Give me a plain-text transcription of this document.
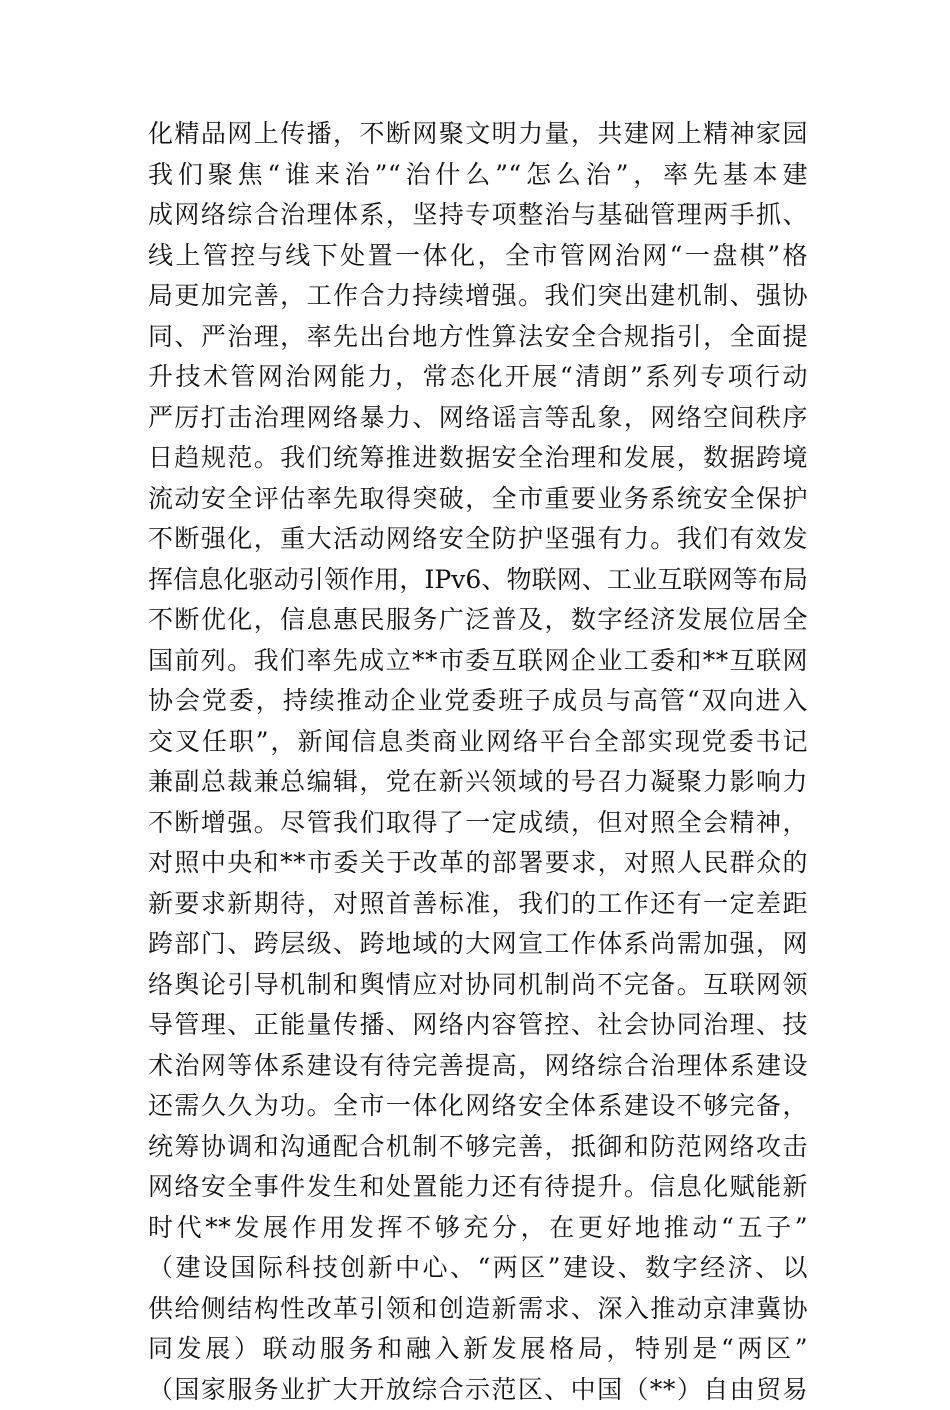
化精品网上传播，不断网聚文明力量，共建网上精神家园
我们聚焦“谁来治”“治什么”“怎么治”，率先基本建
成网络综合治理体系，坚持专项整治与基础管理两手抓、
线上管控与线下处置一体化，全市管网治网“一盘棋”格
局更加完善，工作合力持续增强。我们突出建机制、强协
同、严治理，率先出台地方性算法安全合规指引，全面提
升技术管网治网能力，常态化开展“清朗”系列专项行动
严厉打击治理网络暴力、网络谣言等乱象，网络空间秩序
日趋规范。我们统筹推进数据安全治理和发展，数据跨境
流动安全评估率先取得突破，全市重要业务系统安全保护
不断强化，重大活动网络安全防护坚强有力。我们有效发
挥信息化驱动引领作用，IPv6、物联网、工业互联网等布局
不断优化，信息惠民服务广泛普及，数字经济发展位居全
国前列。我们率先成立**市委互联网企业工委和**互联网
协会党委，持续推动企业党委班子成员与高管“双向进入
交叉任职”，新闻信息类商业网络平台全部实现党委书记
兼副总裁兼总编辑，党在新兴领域的号召力凝聚力影响力
不断增强。尽管我们取得了一定成绩，但对照全会精神，
对照中央和**市委关于改革的部署要求，对照人民群众的
新要求新期待，对照首善标准，我们的工作还有一定差距
跨部门、跨层级、跨地域的大网宣工作体系尚需加强，网
络舆论引导机制和舆情应对协同机制尚不完备。互联网领
导管理、正能量传播、网络内容管控、社会协同治理、技
术治网等体系建设有待完善提高，网络综合治理体系建设
还需久久为功。全市一体化网络安全体系建设不够完备，
统筹协调和沟通配合机制不够完善，抵御和防范网络攻击
网络安全事件发生和处置能力还有待提升。信息化赋能新
时代**发展作用发挥不够充分，在更好地推动“五子”
（建设国际科技创新中心、“两区”建设、数字经济、以
供给侧结构性改革引领和创造新需求、深入推动京津冀协
同发展）联动服务和融入新发展格局，特别是“两区”
（国家服务业扩大开放综合示范区、中国（**）自由贸易
